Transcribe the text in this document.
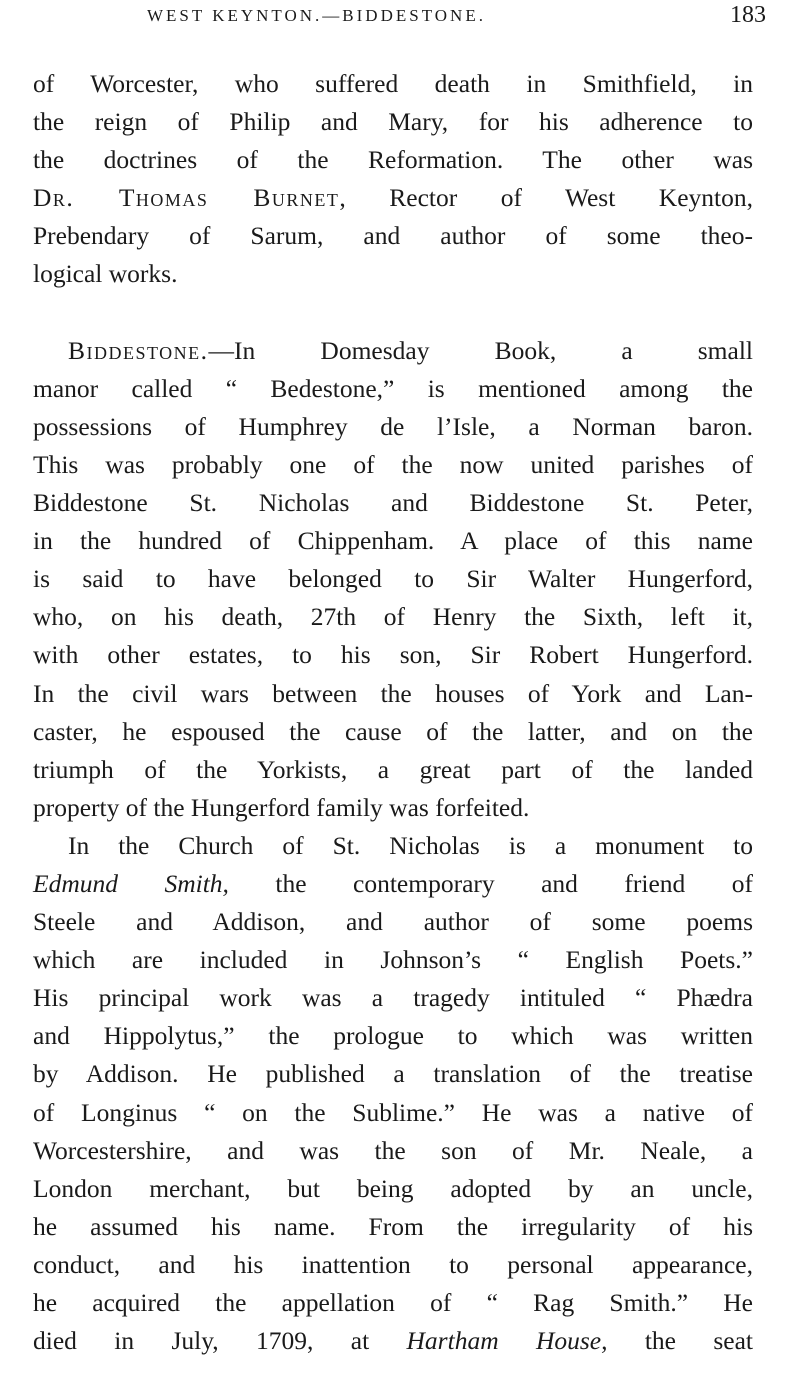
WEST KEYNTON.—BIDDESTONE.	183
of Worcester, who suffered death in Smithfield, in
the reign of Philip and Mary, for his adherence to
the doctrines of the Reformation. The other was
Dr. Thomas Burnet, Rector of West Keynton,
Prebendary of Sarum, and author of some theo-
logical works.
Biddestone.—In Domesday Book, a small
manor called “ Bedestone,” is mentioned among the
possessions of Humphrey de l’Isle, a Norman baron.
This was probably one of the now united parishes of
Biddestone St. Nicholas and Biddestone St. Peter,
in the hundred of Chippenham. A place of this name
is said to have belonged to Sir Walter Hungerford,
who, on his death, 27th of Henry the Sixth, left it,
with other estates, to his son, Sir Robert Hungerford.
In the civil wars between the houses of York and Lan-
caster, he espoused the cause of the latter, and on the
triumph of the Yorkists, a great part of the landed
property of the Hungerford family was forfeited.
In the Church of St. Nicholas is a monument to
Edmund Smith, the contemporary and friend of
Steele and Addison, and author of some poems
which are included in Johnson’s “ English Poets.”
His principal work was a tragedy intituled “ Phædra
and Hippolytus,” the prologue to which was written
by Addison. He published a translation of the treatise
of Longinus “ on the Sublime.” He was a native of
Worcestershire, and was the son of Mr. Neale, a
London merchant, but being adopted by an uncle,
he assumed his name. From the irregularity of his
conduct, and his inattention to personal appearance,
he acquired the appellation of “ Rag Smith.” He
died in July, 1709, at Hartham House, the seat
